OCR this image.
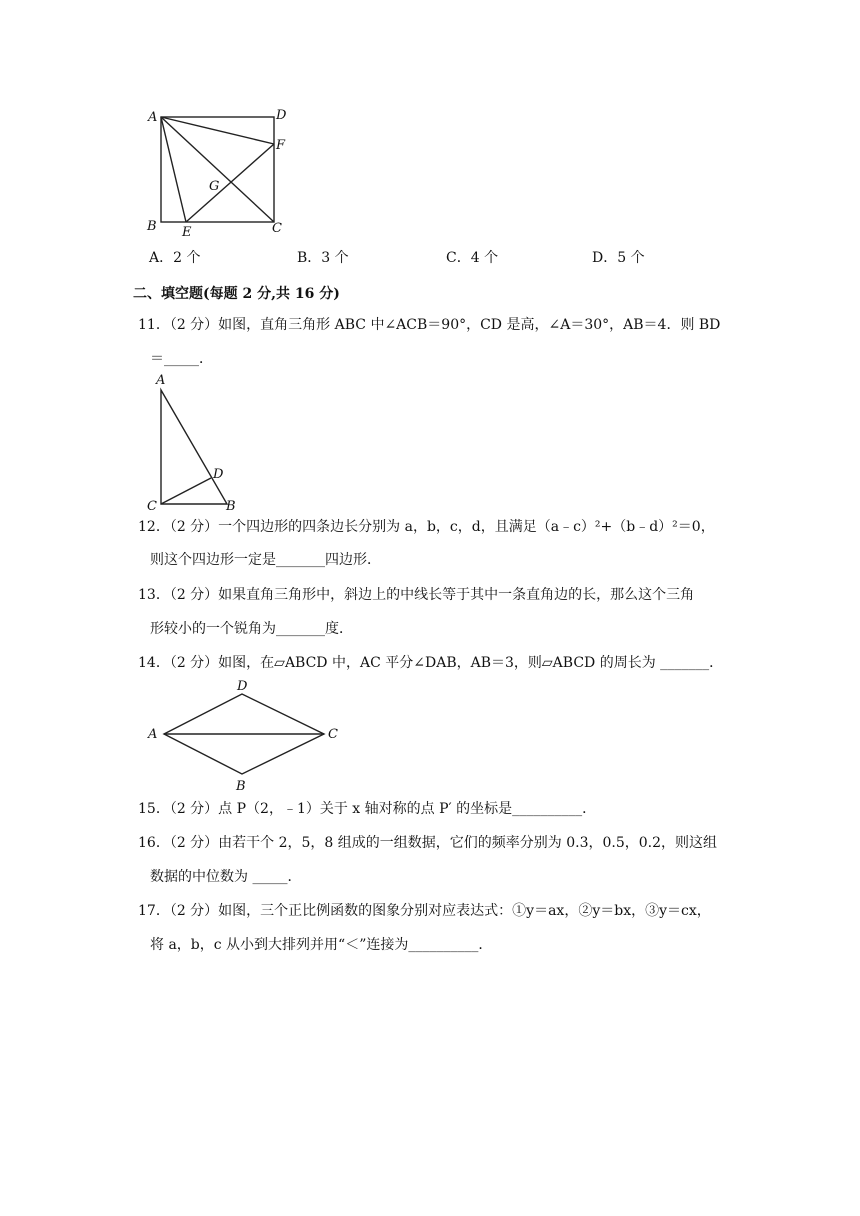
A	D
F
G
B E	C
A．2 个	B．3 个	C．4 个	D．5 个
二、填空题(每题 2 分,共 16 分)
11．（2 分）如图，直角三角形 ABC 中∠ACB＝90°，CD 是高，∠A＝30°，AB＝4．则 BD
＝_____．
A
D
C	B
12．（2 分）一个四边形的四条边长分别为 a，b，c，d，且满足（a﹣c）²+（b﹣d）²＝0，
则这个四边形一定是_______四边形．
13．（2 分）如果直角三角形中，斜边上的中线长等于其中一条直角边的长，那么这个三角
形较小的一个锐角为_______度．
14．（2 分）如图，在▱ABCD 中，AC 平分∠DAB，AB＝3，则▱ABCD 的周长为 _______．
D
A	C
B
15．（2 分）点 P（2，﹣1）关于 x 轴对称的点 P′ 的坐标是__________．
16．（2 分）由若干个 2，5，8 组成的一组数据，它们的频率分别为 0.3，0.5，0.2，则这组
数据的中位数为 _____．
17．（2 分）如图，三个正比例函数的图象分别对应表达式：①y＝ax，②y＝bx，③y＝cx，
将 a，b，c 从小到大排列并用“＜”连接为__________．
